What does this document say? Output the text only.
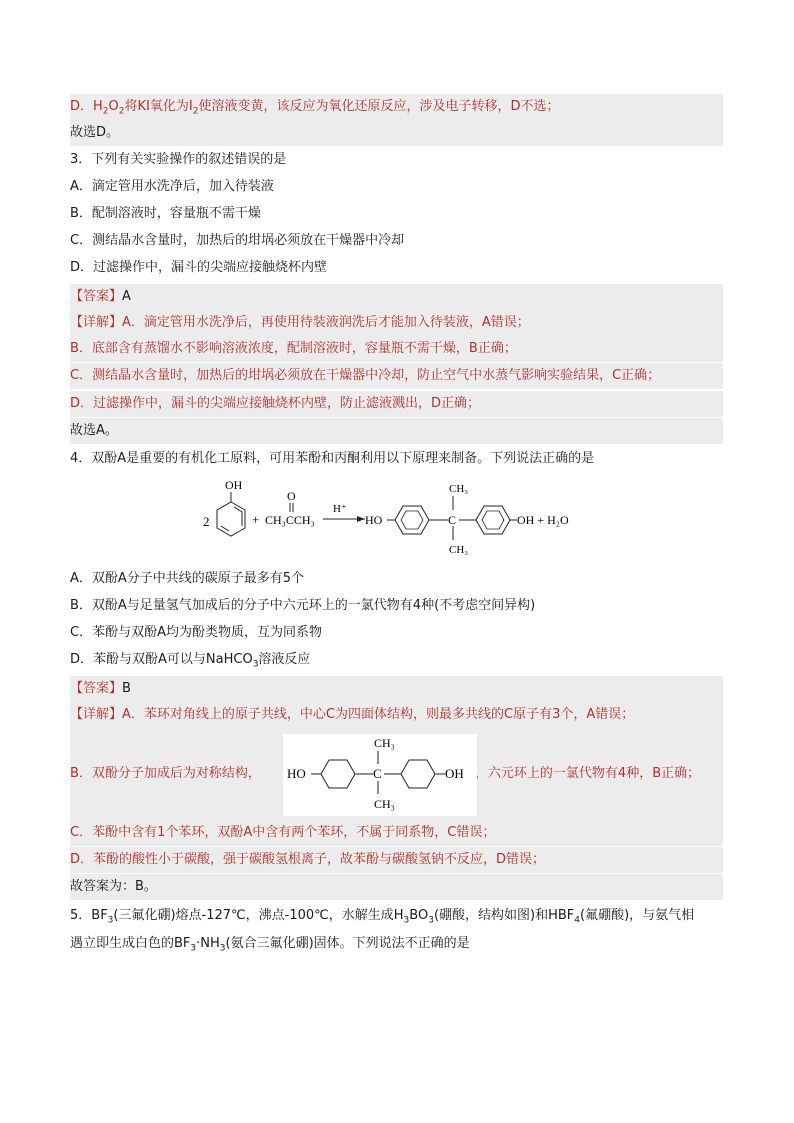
D．$H_2O_2$将KI氧化为$I_2$使溶液变黄，该反应为氧化还原反应，涉及电子转移，D不选；
故选D。
3．下列有关实验操作的叙述错误的是
A．滴定管用水洗净后，加入待装液
B．配制溶液时，容量瓶不需干燥
C．测结晶水含量时，加热后的坩埚必须放在干燥器中冷却
D．过滤操作中，漏斗的尖端应接触烧杯内壁
【答案】A
【详解】A．滴定管用水洗净后，再使用待装液润洗后才能加入待装液，A错误；
B．底部含有蒸馏水不影响溶液浓度，配制溶液时，容量瓶不需干燥，B正确；
C．测结晶水含量时，加热后的坩埚必须放在干燥器中冷却，防止空气中水蒸气影响实验结果，C正确；
D．过滤操作中，漏斗的尖端应接触烧杯内壁，防止滤液溅出，D正确；
故选A。
4．双酚A是重要的有机化工原料，可用苯酚和丙酮利用以下原理来制备。下列说法正确的是
2
OH
+
O
CH₃CCH₃
H⁺
HO	C
CH₃
CH₃
OH + H₂O
A．双酚A分子中共线的碳原子最多有5个
B．双酚A与足量氢气加成后的分子中六元环上的一氯代物有4种(不考虑空间异构)
C．苯酚与双酚A均为酚类物质，互为同系物
D．苯酚与双酚A可以与NaHCO$_3$溶液反应
【答案】B
【详解】A．苯环对角线上的原子共线，中心C为四面体结构，则最多共线的C原子有3个，A错误；
B．双酚分子加成后为对称结构，	，六元环上的一氯代物有4种，B正确；
HO	C
CH₃
CH₃
OH
C．苯酚中含有1个苯环，双酚A中含有两个苯环，不属于同系物，C错误；
D．苯酚的酸性小于碳酸，强于碳酸氢根离子，故苯酚与碳酸氢钠不反应，D错误；
故答案为：B。
5．$BF_3$(三氟化硼)熔点-127℃，沸点-100℃，水解生成$H_3BO_3$(硼酸，结构如图)和$HBF_4$(氟硼酸)，与氨气相
遇立即生成白色的$BF_3\cdot NH_3$(氨合三氟化硼)固体。下列说法不正确的是
